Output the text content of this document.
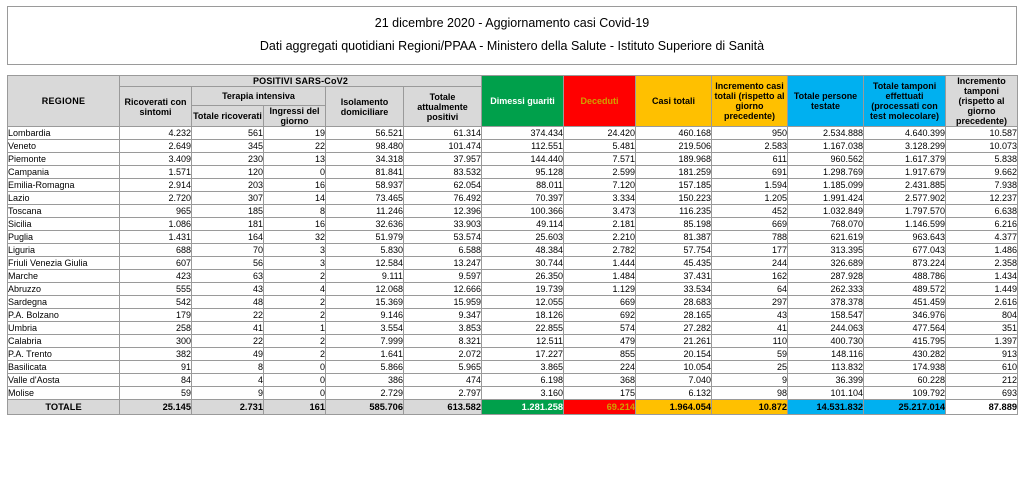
21 dicembre 2020 - Aggiornamento casi Covid-19
Dati aggregati quotidiani Regioni/PPAA - Ministero della Salute - Istituto Superiore di Sanità
REGIONE	POSITIVI SARS-CoV2					Dimessi guariti	Deceduti	Casi totali	Incremento casi totali (rispetto al giorno precedente)	Totale persone testate	Totale tamponi effettuati (processati con test molecolare)	Incremento tamponi (rispetto al giorno precedente)
	Ricoverati con sintomi	Terapia intensiva		Isolamento domiciliare	Totale attualmente positivi							
		Totale ricoverati	Ingressi del giorno									
Lombardia	4.232	561	19	56.521	61.314	374.434	24.420	460.168	950	2.534.888	4.640.399	10.587
Veneto	2.649	345	22	98.480	101.474	112.551	5.481	219.506	2.583	1.167.038	3.128.299	10.073
Piemonte	3.409	230	13	34.318	37.957	144.440	7.571	189.968	611	960.562	1.617.379	5.838
Campania	1.571	120	0	81.841	83.532	95.128	2.599	181.259	691	1.298.769	1.917.679	9.662
Emilia-Romagna	2.914	203	16	58.937	62.054	88.011	7.120	157.185	1.594	1.185.099	2.431.885	7.938
Lazio	2.720	307	14	73.465	76.492	70.397	3.334	150.223	1.205	1.991.424	2.577.902	12.237
Toscana	965	185	8	11.246	12.396	100.366	3.473	116.235	452	1.032.849	1.797.570	6.638
Sicilia	1.086	181	16	32.636	33.903	49.114	2.181	85.198	669	768.070	1.146.599	6.216
Puglia	1.431	164	32	51.979	53.574	25.603	2.210	81.387	788	621.619	963.643	4.377
Liguria	688	70	3	5.830	6.588	48.384	2.782	57.754	177	313.395	677.043	1.486
Friuli Venezia Giulia	607	56	3	12.584	13.247	30.744	1.444	45.435	244	326.689	873.224	2.358
Marche	423	63	2	9.111	9.597	26.350	1.484	37.431	162	287.928	488.786	1.434
Abruzzo	555	43	4	12.068	12.666	19.739	1.129	33.534	64	262.333	489.572	1.449
Sardegna	542	48	2	15.369	15.959	12.055	669	28.683	297	378.378	451.459	2.616
P.A. Bolzano	179	22	2	9.146	9.347	18.126	692	28.165	43	158.547	346.976	804
Umbria	258	41	1	3.554	3.853	22.855	574	27.282	41	244.063	477.564	351
Calabria	300	22	2	7.999	8.321	12.511	479	21.261	110	400.730	415.795	1.397
P.A. Trento	382	49	2	1.641	2.072	17.227	855	20.154	59	148.116	430.282	913
Basilicata	91	8	0	5.866	5.965	3.865	224	10.054	25	113.832	174.938	610
Valle d'Aosta	84	4	0	386	474	6.198	368	7.040	9	36.399	60.228	212
Molise	59	9	0	2.729	2.797	3.160	175	6.132	98	101.104	109.792	693
TOTALE	25.145	2.731	161	585.706	613.582	1.281.258	69.214	1.964.054	10.872	14.531.832	25.217.014	87.889
